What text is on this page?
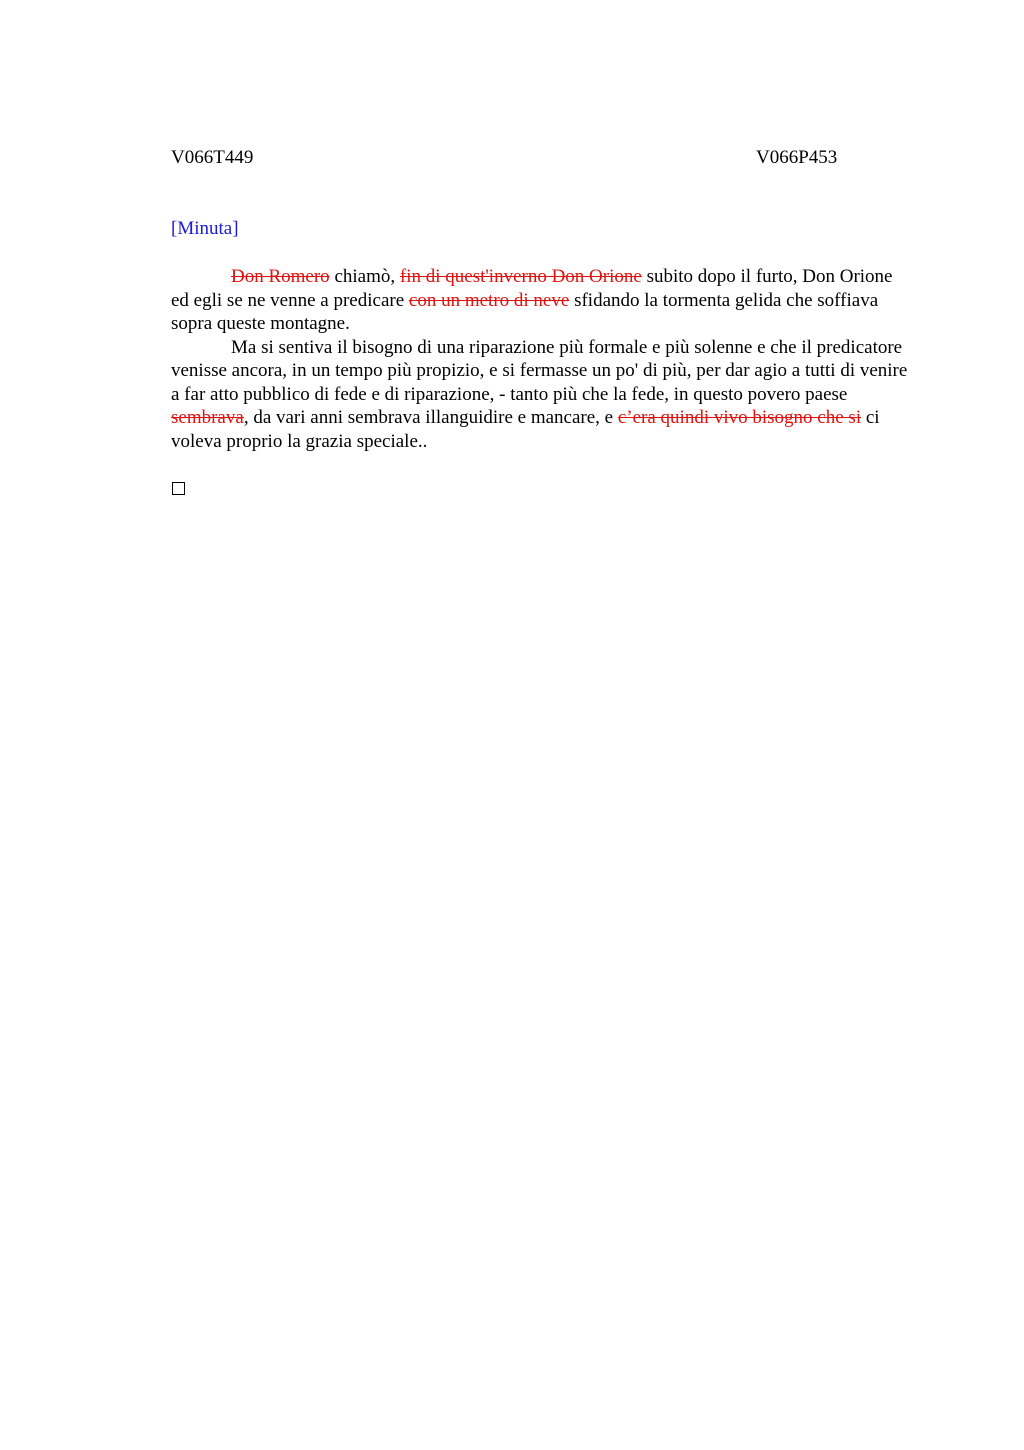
V066T449	V066P453
[Minuta]

Don Romero chiamò, fin di quest'inverno Don Orione subito dopo il furto, Don Orione ed egli se ne venne a predicare con un metro di neve sfidando la tormenta gelida che soffiava sopra queste montagne.

Ma si sentiva il bisogno di una riparazione più formale e più solenne e che il predicatore venisse ancora, in un tempo più propizio, e si fermasse un po' di più, per dar agio a tutti di venire a far atto pubblico di fede e di riparazione, - tanto più che la fede, in questo povero paese sembrava, da vari anni sembrava illanguidire e mancare, e c’era quindi vivo bisogno che si ci voleva proprio la grazia speciale..
